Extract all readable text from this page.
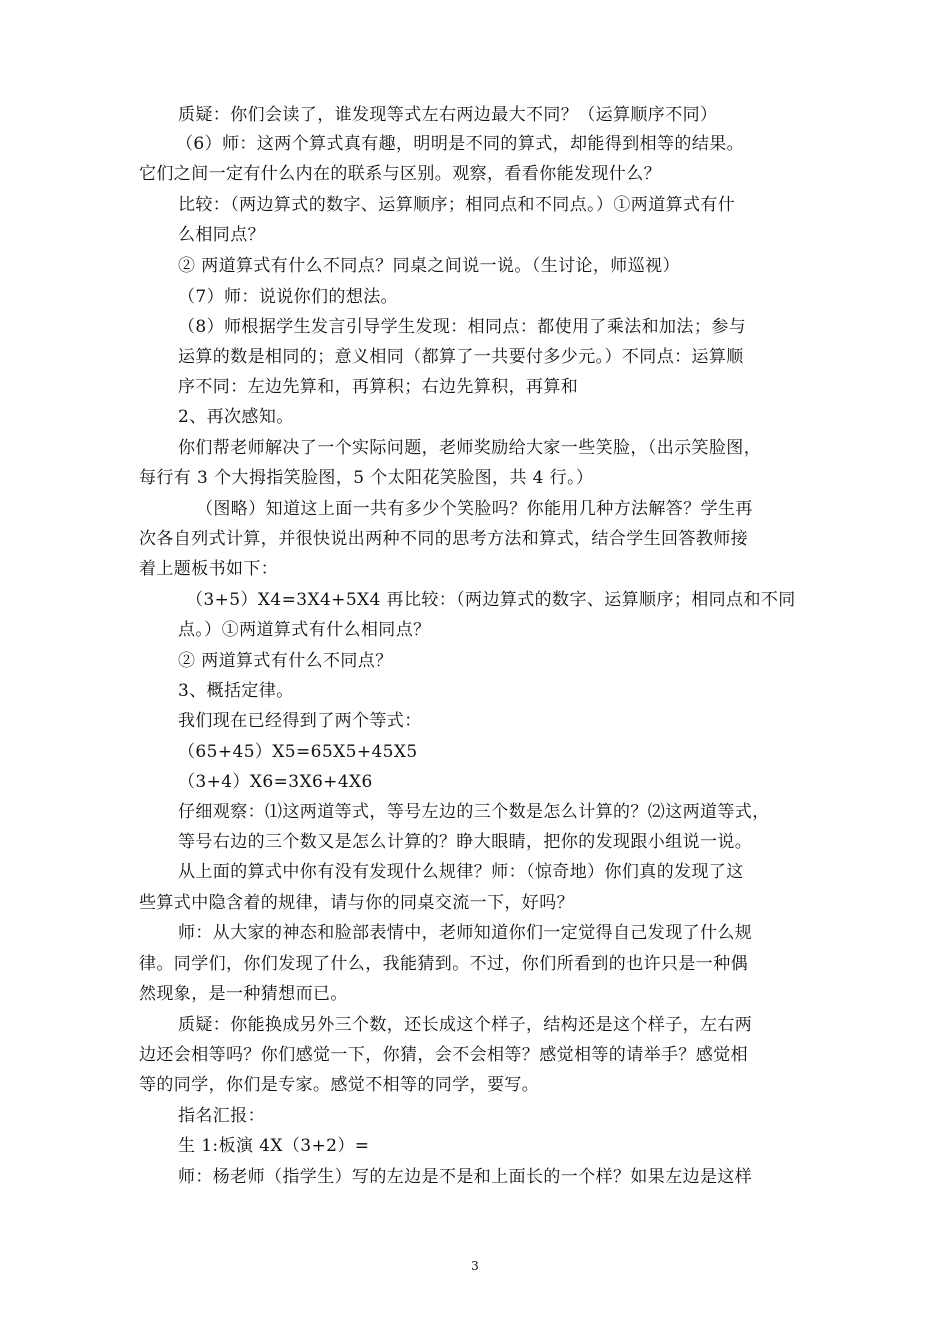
质疑：你们会读了，谁发现等式左右两边最大不同？（运算顺序不同）
（6）师：这两个算式真有趣，明明是不同的算式，却能得到相等的结果。
它们之间一定有什么内在的联系与区别。观察，看看你能发现什么？
比较：（两边算式的数字、运算顺序；相同点和不同点。）①两道算式有什
么相同点？
② 两道算式有什么不同点？同桌之间说一说。（生讨论，师巡视）
（7）师：说说你们的想法。
（8）师根据学生发言引导学生发现：相同点：都使用了乘法和加法；参与
运算的数是相同的；意义相同（都算了一共要付多少元。）不同点：运算顺
序不同：左边先算和，再算积；右边先算积，再算和
2、再次感知。
你们帮老师解决了一个实际问题，老师奖励给大家一些笑脸，（出示笑脸图，
每行有 3 个大拇指笑脸图，5 个太阳花笑脸图，共 4 行。）
（图略）知道这上面一共有多少个笑脸吗？你能用几种方法解答？学生再
次各自列式计算，并很快说出两种不同的思考方法和算式，结合学生回答教师接
着上题板书如下：
（3+5）Ⅹ4=3Ⅹ4+5Ⅹ4 再比较：（两边算式的数字、运算顺序；相同点和不同
点。）①两道算式有什么相同点？
② 两道算式有什么不同点？
3、概括定律。
我们现在已经得到了两个等式：
（65+45）Ⅹ5=65Ⅹ5+45Ⅹ5
（3+4）Ⅹ6=3Ⅹ6+4Ⅹ6
仔细观察：⑴这两道等式，等号左边的三个数是怎么计算的？⑵这两道等式，
等号右边的三个数又是怎么计算的？睁大眼睛，把你的发现跟小组说一说。
从上面的算式中你有没有发现什么规律？师：（惊奇地）你们真的发现了这
些算式中隐含着的规律，请与你的同桌交流一下，好吗？
师：从大家的神态和脸部表情中，老师知道你们一定觉得自己发现了什么规
律。同学们，你们发现了什么，我能猜到。不过，你们所看到的也许只是一种偶
然现象，是一种猜想而已。
质疑：你能换成另外三个数，还长成这个样子，结构还是这个样子，左右两
边还会相等吗？你们感觉一下，你猜，会不会相等？感觉相等的请举手？感觉相
等的同学，你们是专家。感觉不相等的同学，要写。
指名汇报：
生 1:板演 4Ⅹ（3+2）=
师：杨老师（指学生）写的左边是不是和上面长的一个样？如果左边是这样
3
